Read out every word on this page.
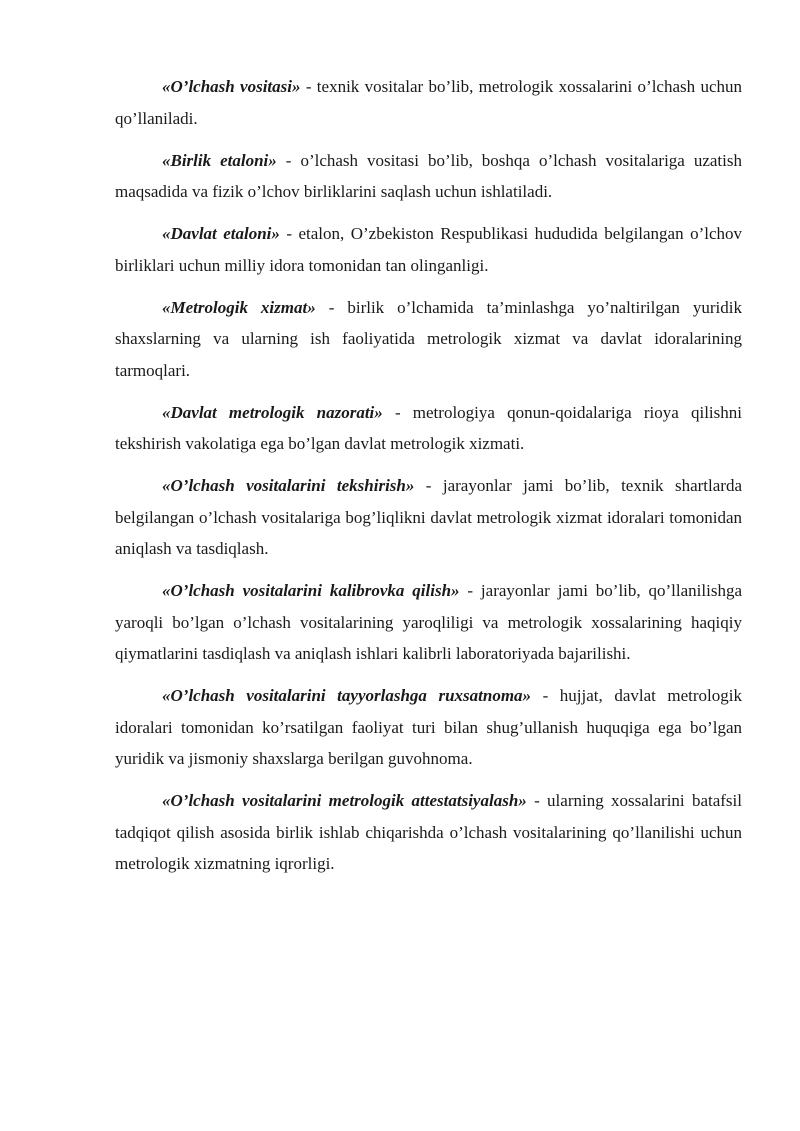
«O’lchash vositasi» - texnik vositalar bo’lib, metrologik xossalarini o’lchash uchun qo’llaniladi.

«Birlik etaloni» - o’lchash vositasi bo’lib, boshqa o’lchash vositalariga uzatish maqsadida va fizik o’lchov birliklarini saqlash uchun ishlatiladi.

«Davlat etaloni» - etalon, O’zbekiston Respublikasi hududida belgilangan o’lchov birliklari uchun milliy idora tomonidan tan olinganligi.

«Metrologik xizmat» - birlik o’lchamida ta’minlashga yo’naltirilgan yuridik shaxslarning va ularning ish faoliyatida metrologik xizmat va davlat idoralarining tarmoqlari.

«Davlat metrologik nazorati» - metrologiya qonun-qoidalariga rioya qilishni tekshirish vakolatiga ega bo’lgan davlat metrologik xizmati.

«O’lchash vositalarini tekshirish» - jarayonlar jami bo’lib, texnik shartlarda belgilangan o’lchash vositalariga bog’liqlikni davlat metrologik xizmat idoralari tomonidan aniqlash va tasdiqlash.

«O’lchash vositalarini kalibrovka qilish» - jarayonlar jami bo’lib, qo’llanilishga yaroqli bo’lgan o’lchash vositalarining yaroqliligi va metrologik xossalarining haqiqiy qiymatlarini tasdiqlash va aniqlash ishlari kalibrli laboratoriyada bajarilishi.

«O’lchash vositalarini tayyorlashga ruxsatnoma» - hujjat, davlat metrologik idoralari tomonidan ko’rsatilgan faoliyat turi bilan shug’ullanish huquqiga ega bo’lgan yuridik va jismoniy shaxslarga berilgan guvohnoma.

«O’lchash vositalarini metrologik attestatsiyalash» - ularning xossalarini batafsil tadqiqot qilish asosida birlik ishlab chiqarishda o’lchash vositalarining qo’llanilishi uchun metrologik xizmatning iqrorligi.
